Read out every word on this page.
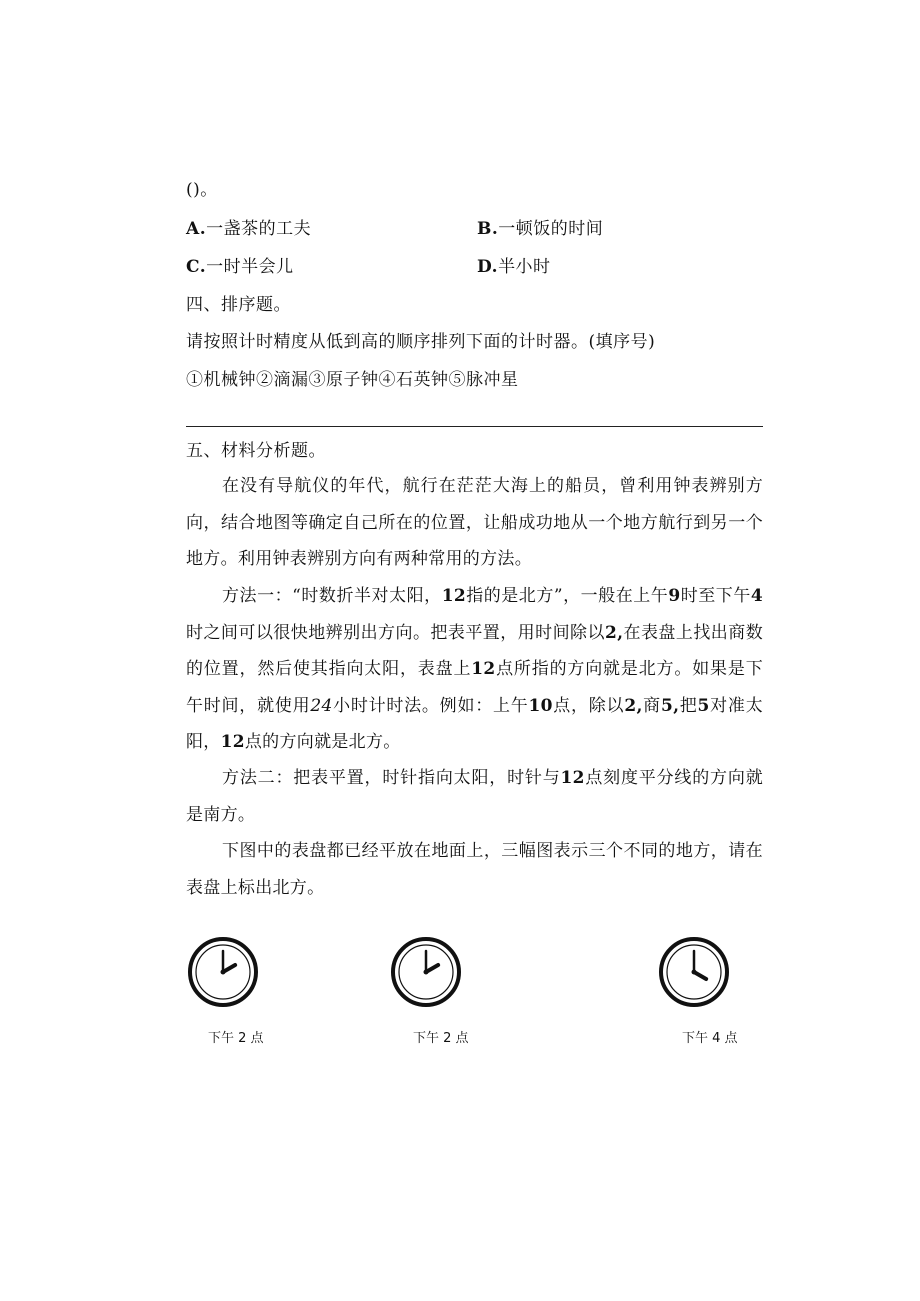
()。
A.一盏茶的工夫	B.一顿饭的时间
C.一时半会儿	D.半小时
四、排序题。
请按照计时精度从低到高的顺序排列下面的计时器。(填序号)
①机械钟②滴漏③原子钟④石英钟⑤脉冲星
五、材料分析题。
在没有导航仪的年代，航行在茫茫大海上的船员，曾利用钟表辨别方向，结合地图等确定自己所在的位置，让船成功地从一个地方航行到另一个地方。利用钟表辨别方向有两种常用的方法。
方法一：“时数折半对太阳，12指的是北方”，一般在上午9时至下午4时之间可以很快地辨别出方向。把表平置，用时间除以2,在表盘上找出商数的位置，然后使其指向太阳，表盘上12点所指的方向就是北方。如果是下午时间，就使用24小时计时法。例如：上午10点，除以2,商5,把5对准太阳，12点的方向就是北方。
方法二：把表平置，时针指向太阳，时针与12点刻度平分线的方向就是南方。
下图中的表盘都已经平放在地面上，三幅图表示三个不同的地方，请在表盘上标出北方。
下午 2 点	下午 2 点	下午 4 点
